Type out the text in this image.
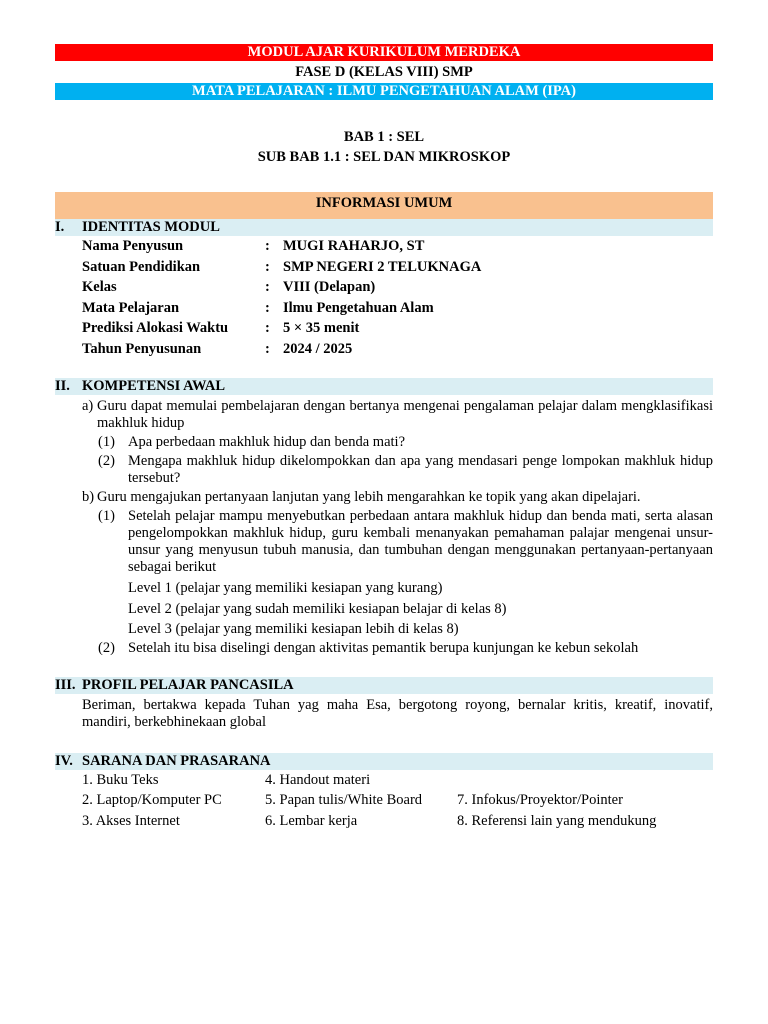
MODUL AJAR KURIKULUM MERDEKA
FASE D (KELAS VIII) SMP
MATA PELAJARAN : ILMU PENGETAHUAN ALAM (IPA)
BAB 1 : SEL
SUB BAB 1.1 : SEL DAN MIKROSKOP
INFORMASI UMUM
I.	IDENTITAS MODUL
Nama Penyusun	: MUGI RAHARJO, ST
Satuan Pendidikan	: SMP NEGERI 2 TELUKNAGA
Kelas	: VIII (Delapan)
Mata Pelajaran	: Ilmu Pengetahuan Alam
Prediksi Alokasi Waktu	: 5 × 35 menit
Tahun Penyusunan	: 2024 / 2025
II. KOMPETENSI AWAL
a) Guru dapat memulai pembelajaran dengan bertanya mengenai pengalaman pelajar dalam mengklasifikasi makhluk hidup
(1) Apa perbedaan makhluk hidup dan benda mati?
(2) Mengapa makhluk hidup dikelompokkan dan apa yang mendasari penge lompokan makhluk hidup tersebut?
b) Guru mengajukan pertanyaan lanjutan yang lebih mengarahkan ke topik yang akan dipelajari.
(1) Setelah pelajar mampu menyebutkan perbedaan antara makhluk hidup dan benda mati, serta alasan pengelompokkan makhluk hidup, guru kembali menanyakan pemahaman palajar mengenai unsur-unsur yang menyusun tubuh manusia, dan tumbuhan dengan menggunakan pertanyaan-pertanyaan sebagai berikut
Level 1 (pelajar yang memiliki kesiapan yang kurang)
Level 2 (pelajar yang sudah memiliki kesiapan belajar di kelas 8)
Level 3 (pelajar yang memiliki kesiapan lebih di kelas 8)
(2) Setelah itu bisa diselingi dengan aktivitas pemantik berupa kunjungan ke kebun sekolah
III. PROFIL PELAJAR PANCASILA
Beriman, bertakwa kepada Tuhan yag maha Esa, bergotong royong, bernalar kritis, kreatif, inovatif, mandiri, berkebhinekaan global
IV. SARANA DAN PRASARANA
1. Buku Teks	4. Handout materi
2. Laptop/Komputer PC	5. Papan tulis/White Board	7. Infokus/Proyektor/Pointer
3. Akses Internet	6. Lembar kerja	8. Referensi lain yang mendukung
